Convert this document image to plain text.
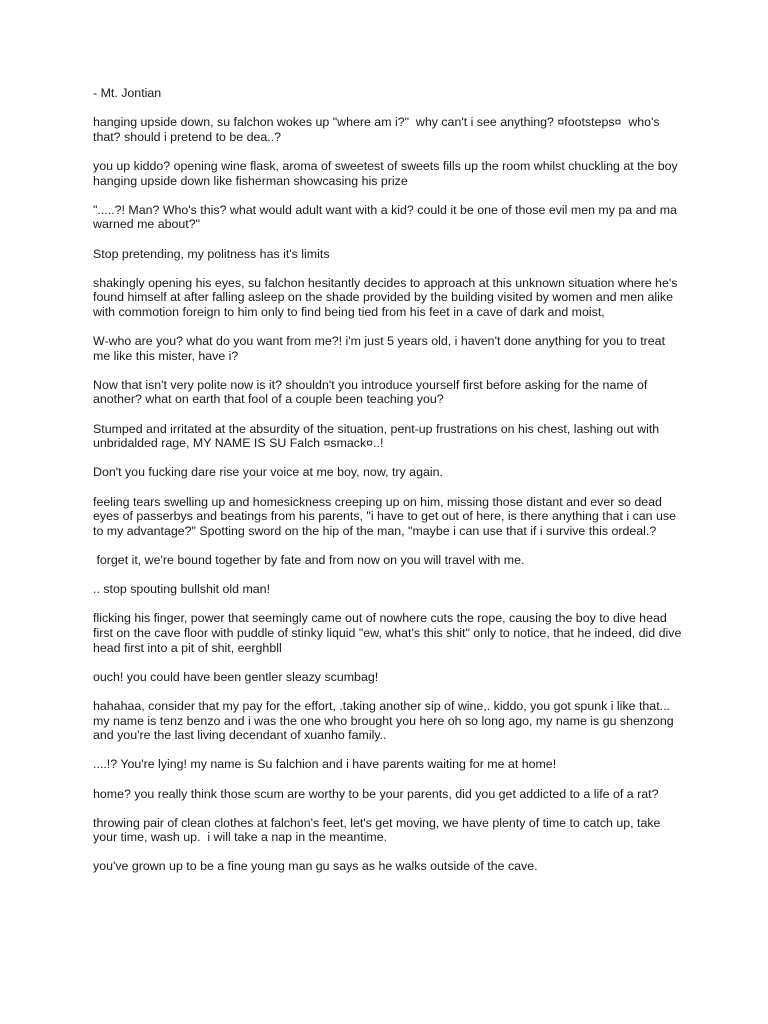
- Mt. Jontian

hanging upside down, su falchon wokes up "where am i?"  why can't i see anything? ¤footsteps¤  who's that? should i pretend to be dea..?

you up kiddo? opening wine flask, aroma of sweetest of sweets fills up the room whilst chuckling at the boy hanging upside down like fisherman showcasing his prize

".....?! Man? Who's this? what would adult want with a kid? could it be one of those evil men my pa and ma warned me about?"

Stop pretending, my politness has it's limits

shakingly opening his eyes, su falchon hesitantly decides to approach at this unknown situation where he's found himself at after falling asleep on the shade provided by the building visited by women and men alike with commotion foreign to him only to find being tied from his feet in a cave of dark and moist,

W-who are you? what do you want from me?! i'm just 5 years old, i haven't done anything for you to treat me like this mister, have i?

Now that isn't very polite now is it? shouldn't you introduce yourself first before asking for the name of another? what on earth that fool of a couple been teaching you?

Stumped and irritated at the absurdity of the situation, pent-up frustrations on his chest, lashing out with unbridalded rage, MY NAME IS SU Falch ¤smack¤..!

Don't you fucking dare rise your voice at me boy, now, try again.

feeling tears swelling up and homesickness creeping up on him, missing those distant and ever so dead eyes of passerbys and beatings from his parents, "i have to get out of here, is there anything that i can use to my advantage?" Spotting sword on the hip of the man, "maybe i can use that if i survive this ordeal.?

forget it, we're bound together by fate and from now on you will travel with me.

.. stop spouting bullshit old man!

flicking his finger, power that seemingly came out of nowhere cuts the rope, causing the boy to dive head first on the cave floor with puddle of stinky liquid "ew, what's this shit" only to notice, that he indeed, did dive head first into a pit of shit, eerghbll

ouch! you could have been gentler sleazy scumbag!

hahahaa, consider that my pay for the effort, .taking another sip of wine,. kiddo, you got spunk i like that...  my name is tenz benzo and i was the one who brought you here oh so long ago, my name is gu shenzong and you're the last living decendant of xuanho family..

....!? You're lying! my name is Su falchion and i have parents waiting for me at home!

home? you really think those scum are worthy to be your parents, did you get addicted to a life of a rat?

throwing pair of clean clothes at falchon's feet, let's get moving, we have plenty of time to catch up, take your time, wash up.  i will take a nap in the meantime.

you've grown up to be a fine young man gu says as he walks outside of the cave.
